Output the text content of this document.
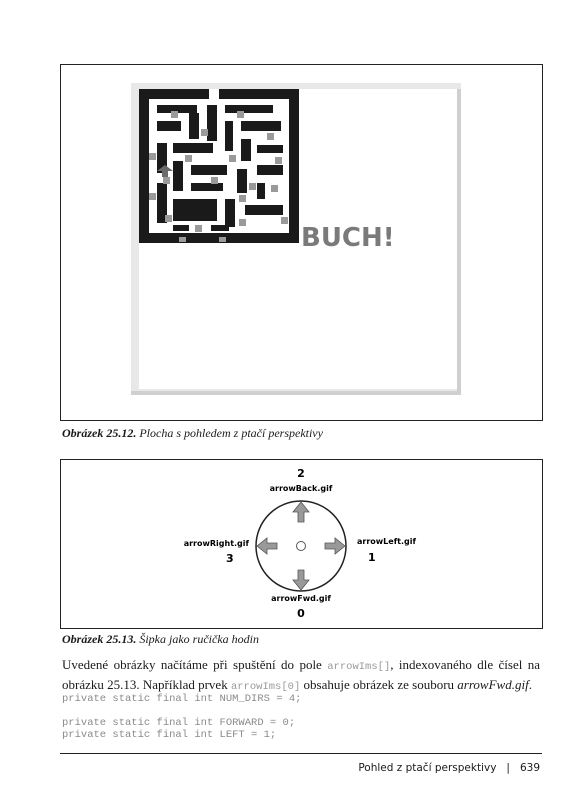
BUCH!
Obrázek 25.12. Plocha s pohledem z ptačí perspektivy
2
arrowBack.gif
arrowLeft.gif
1
arrowRight.gif
3
arrowFwd.gif
0
Obrázek 25.13. Šipka jako ručička hodin
Uvedené obrázky načítáme při spuštění do pole arrowIms[], indexovaného dle čísel na obrázku 25.13. Například prvek arrowIms[0] obsahuje obrázek ze souboru arrowFwd.gif.
private static final int NUM_DIRS = 4;
private static final int FORWARD = 0;
private static final int LEFT = 1;
Pohled z ptačí perspektivy | 639
